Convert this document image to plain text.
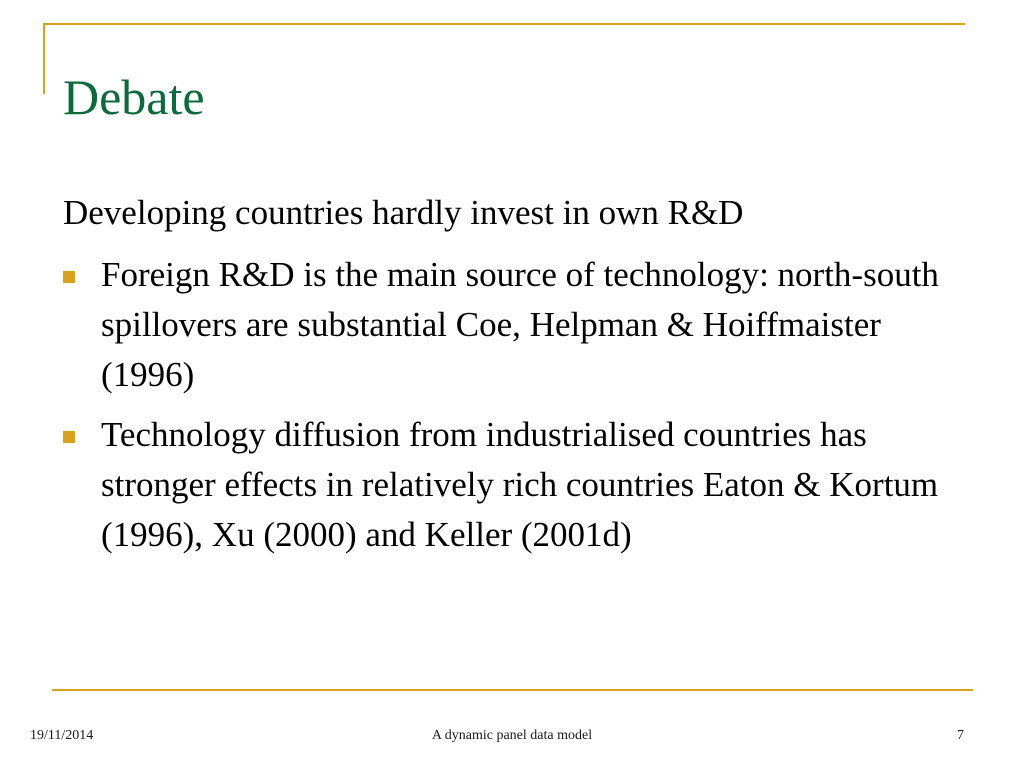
Debate

Developing countries hardly invest in own R&D

Foreign R&D is the main source of technology: north-south spillovers are substantial Coe, Helpman & Hoiffmaister (1996)
Technology diffusion from industrialised countries has stronger effects in relatively rich countries Eaton & Kortum (1996), Xu (2000) and Keller (2001d)
19/11/2014	A dynamic panel data model	7
